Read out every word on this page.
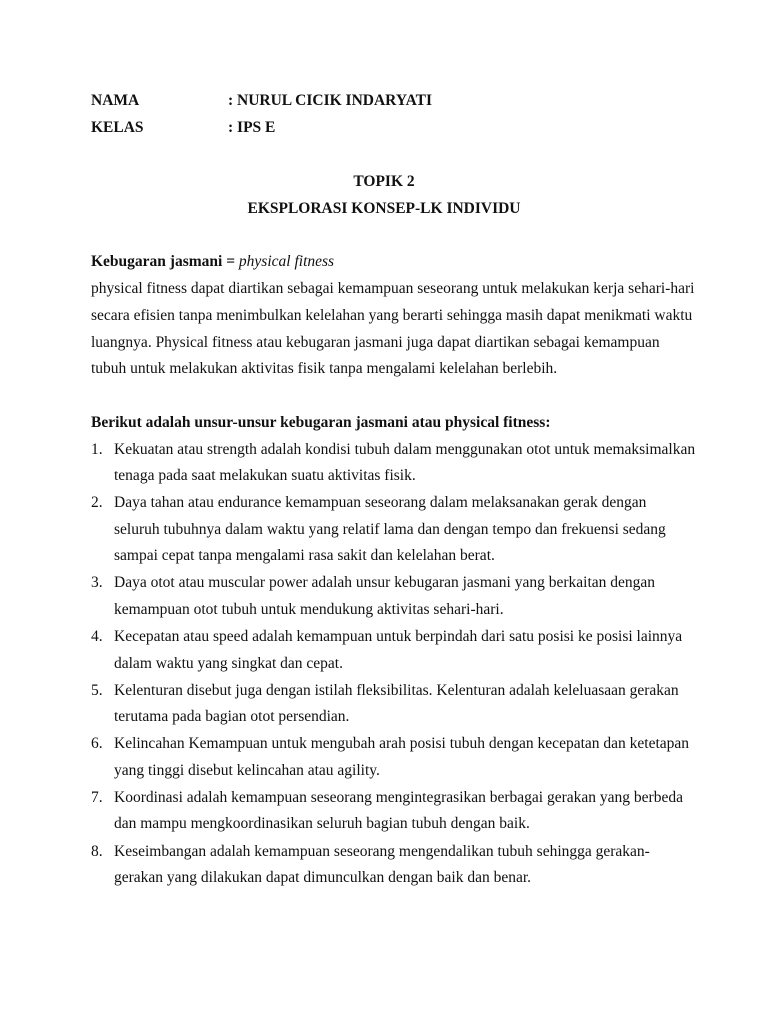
NAMA	: NURUL CICIK INDARYATI
KELAS	: IPS E
TOPIK 2
EKSPLORASI KONSEP-LK INDIVIDU
Kebugaran jasmani = physical fitness
physical fitness dapat diartikan sebagai kemampuan seseorang untuk melakukan kerja sehari-hari
secara efisien tanpa menimbulkan kelelahan yang berarti sehingga masih dapat menikmati waktu
luangnya. Physical fitness atau kebugaran jasmani juga dapat diartikan sebagai kemampuan
tubuh untuk melakukan aktivitas fisik tanpa mengalami kelelahan berlebih.
Berikut adalah unsur-unsur kebugaran jasmani atau physical fitness:
1. Kekuatan atau strength adalah kondisi tubuh dalam menggunakan otot untuk memaksimalkan
tenaga pada saat melakukan suatu aktivitas fisik.
2. Daya tahan atau endurance kemampuan seseorang dalam melaksanakan gerak dengan
seluruh tubuhnya dalam waktu yang relatif lama dan dengan tempo dan frekuensi sedang
sampai cepat tanpa mengalami rasa sakit dan kelelahan berat.
3. Daya otot atau muscular power adalah unsur kebugaran jasmani yang berkaitan dengan
kemampuan otot tubuh untuk mendukung aktivitas sehari-hari.
4. Kecepatan atau speed adalah kemampuan untuk berpindah dari satu posisi ke posisi lainnya
dalam waktu yang singkat dan cepat.
5. Kelenturan disebut juga dengan istilah fleksibilitas. Kelenturan adalah keleluasaan gerakan
terutama pada bagian otot persendian.
6. Kelincahan Kemampuan untuk mengubah arah posisi tubuh dengan kecepatan dan ketetapan
yang tinggi disebut kelincahan atau agility.
7. Koordinasi adalah kemampuan seseorang mengintegrasikan berbagai gerakan yang berbeda
dan mampu mengkoordinasikan seluruh bagian tubuh dengan baik.
8. Keseimbangan adalah kemampuan seseorang mengendalikan tubuh sehingga gerakan-
gerakan yang dilakukan dapat dimunculkan dengan baik dan benar.
